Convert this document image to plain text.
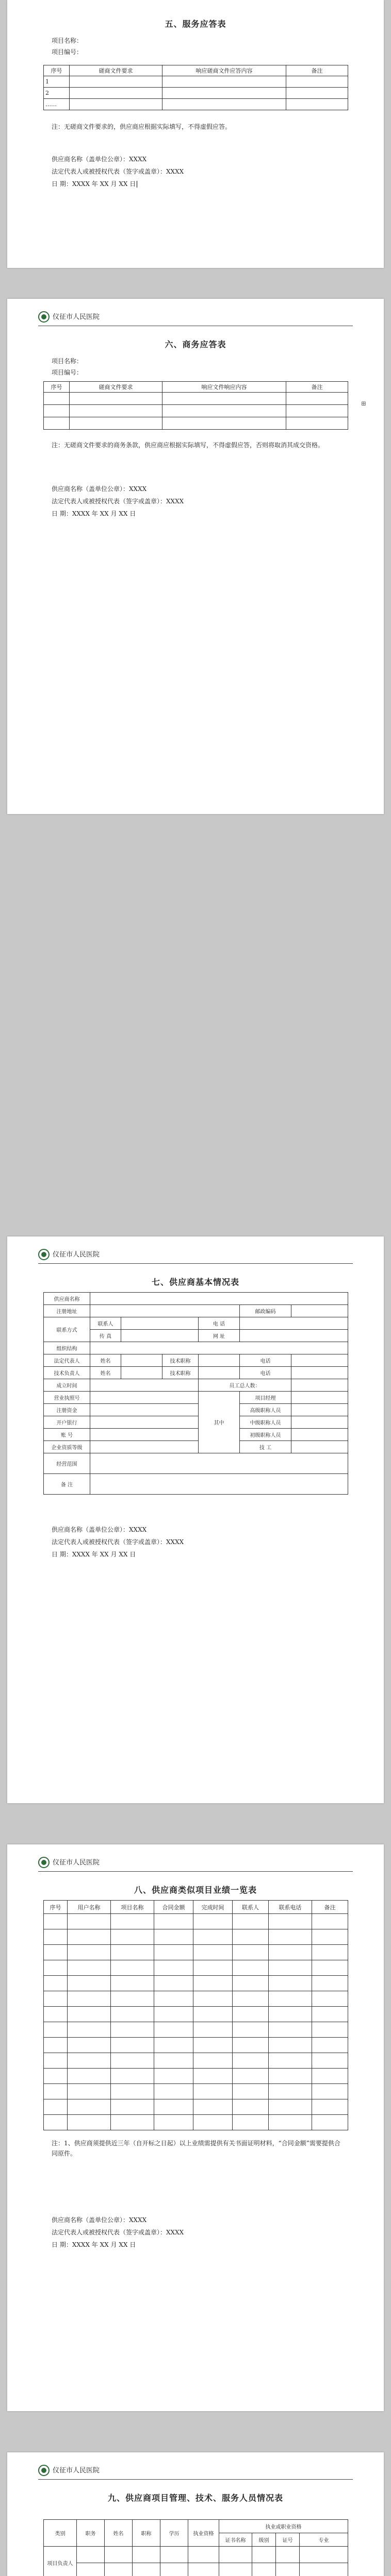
五、服务应答表
项目名称：
项目编号：
序号	磋商文件要求	响应磋商文件应答内容	备注
1			
2			
……			
注：无磋商文件要求的，供应商应根据实际填写，不得虚假应答。
供应商名称（盖单位公章）：XXXX
法定代表人或被授权代表（签字或盖章）：XXXX
日 期：XXXX 年 XX 月 XX 日
仪征市人民医院
六、商务应答表
项目名称：
项目编号：
序号	磋商文件要求	响应文件响应内容	备注

⊞
注：无磋商文件要求的商务条款，供应商应根据实际填写，不得虚假应答，否则将取消其成交资格。
供应商名称（盖单位公章）：XXXX
法定代表人或被授权代表（签字或盖章）：XXXX
日 期：XXXX 年 XX 月 XX 日
仪征市人民医院
七、供应商基本情况表
供应商名称						
注册地址					邮政编码	
联系方式	联系人			电 话		
	传 真			网 址		
组织结构						
法定代表人	姓名		技术职称		电话	
技术负责人	姓名		技术职称		电话	
成立时间				员工总人数：		
营业执照号				其中	项目经理	
注册资金					高级职称人员	
开户银行					中级职称人员	
账 号					初级职称人员	
企业资质等级					技 工	
经营范围						
备 注						
供应商名称（盖单位公章）：XXXX
法定代表人或被授权代表（签字或盖章）：XXXX
日 期：XXXX 年 XX 月 XX 日
仪征市人民医院
八、供应商类似项目业绩一览表
序号	用户名称	项目名称	合同金额	完成时间	联系人	联系电话	备注

注：1、供应商须提供近三年（自开标之日起）以上业绩需提供有关书面证明材料，“合同金额”需要提供合同原件。
供应商名称（盖单位公章）：XXXX
法定代表人或被授权代表（签字或盖章）：XXXX
日 期：XXXX 年 XX 月 XX 日
仪征市人民医院
九、供应商项目管理、技术、服务人员情况表
类别	职务	姓名	职称	学历	执业资格	执业或职业资格			
						证书名称	级别	证号	专业
项目负责人									
